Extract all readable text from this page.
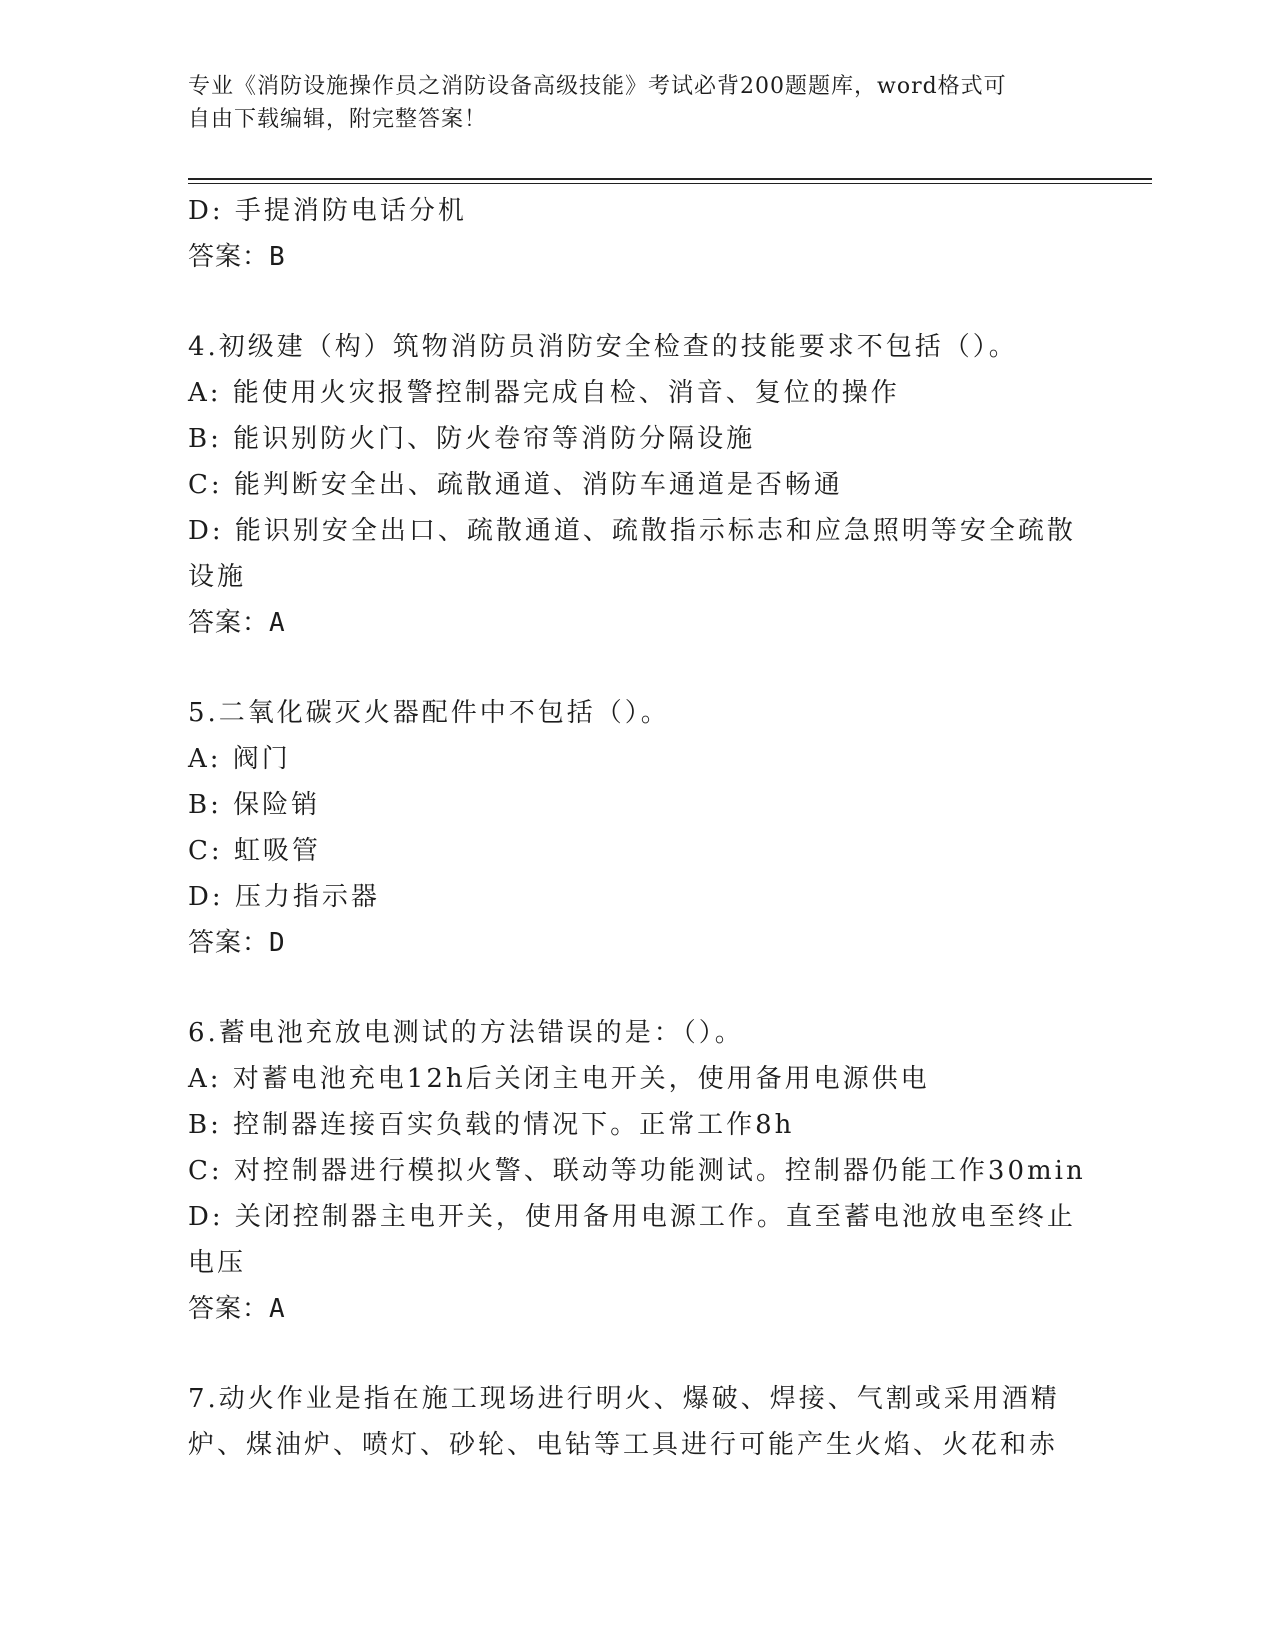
专业《消防设施操作员之消防设备高级技能》考试必背200题题库，word格式可
自由下载编辑，附完整答案！
D: 手提消防电话分机
答案：B
4.初级建（构）筑物消防员消防安全检查的技能要求不包括（）。
A: 能使用火灾报警控制器完成自检、消音、复位的操作
B: 能识别防火门、防火卷帘等消防分隔设施
C: 能判断安全出、疏散通道、消防车通道是否畅通
D: 能识别安全出口、疏散通道、疏散指示标志和应急照明等安全疏散
设施
答案：A
5.二氧化碳灭火器配件中不包括（）。
A: 阀门
B: 保险销
C: 虹吸管
D: 压力指示器
答案：D
6.蓄电池充放电测试的方法错误的是：（）。
A: 对蓄电池充电12h后关闭主电开关，使用备用电源供电
B: 控制器连接百实负载的情况下。正常工作8h
C: 对控制器进行模拟火警、联动等功能测试。控制器仍能工作30min
D: 关闭控制器主电开关，使用备用电源工作。直至蓄电池放电至终止
电压
答案：A
7.动火作业是指在施工现场进行明火、爆破、焊接、气割或采用酒精
炉、煤油炉、喷灯、砂轮、电钻等工具进行可能产生火焰、火花和赤
